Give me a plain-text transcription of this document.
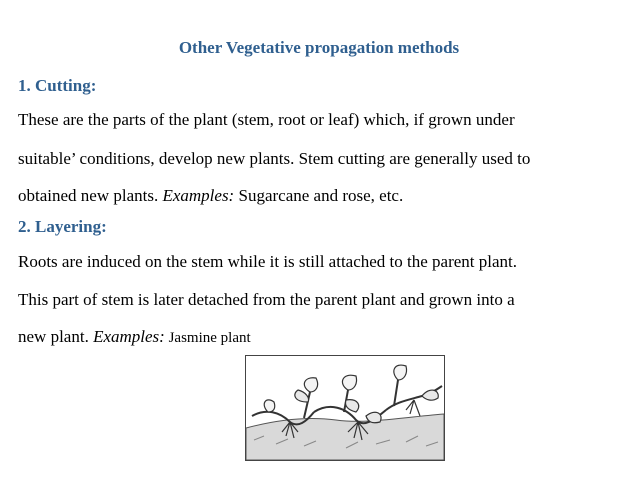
Other Vegetative propagation methods
1. Cutting:
These are the parts of the plant (stem, root or leaf) which, if grown under
suitable’ conditions, develop new plants. Stem cutting are generally used to
obtained new plants. Examples: Sugarcane and rose, etc.
2. Layering:
Roots are induced on the stem while it is still attached to the parent plant.
This part of stem is later detached from the parent plant and grown into a
new plant. Examples: Jasmine plant
